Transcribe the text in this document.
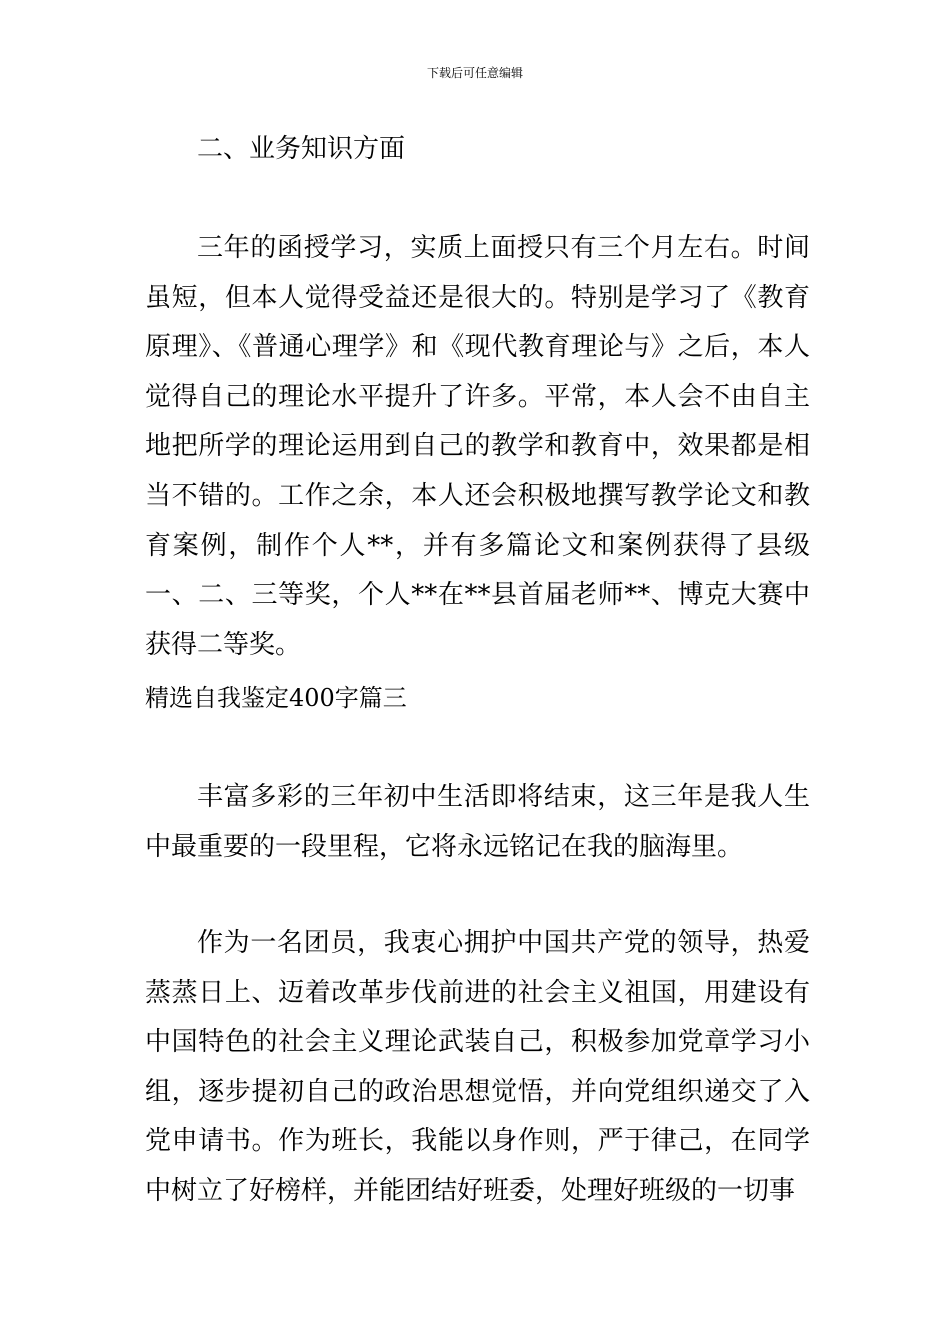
下载后可任意编辑

二、业务知识方面

三年的函授学习，实质上面授只有三个月左右。时间虽短，但本人觉得受益还是很大的。特别是学习了《教育原理》、《普通心理学》和《现代教育理论与》之后，本人觉得自己的理论水平提升了许多。平常，本人会不由自主地把所学的理论运用到自己的教学和教育中，效果都是相当不错的。工作之余，本人还会积极地撰写教学论文和教育案例，制作个人**，并有多篇论文和案例获得了县级一、二、三等奖，个人**在**县首届老师**、博克大赛中获得二等奖。

精选自我鉴定400字篇三

丰富多彩的三年初中生活即将结束，这三年是我人生中最重要的一段里程，它将永远铭记在我的脑海里。

作为一名团员，我衷心拥护中国共产党的领导，热爱蒸蒸日上、迈着改革步伐前进的社会主义祖国，用建设有中国特色的社会主义理论武装自己，积极参加党章学习小组，逐步提初自己的政治思想觉悟，并向党组织递交了入党申请书。作为班长，我能以身作则，严于律己，在同学中树立了好榜样，并能团结好班委，处理好班级的一切事
